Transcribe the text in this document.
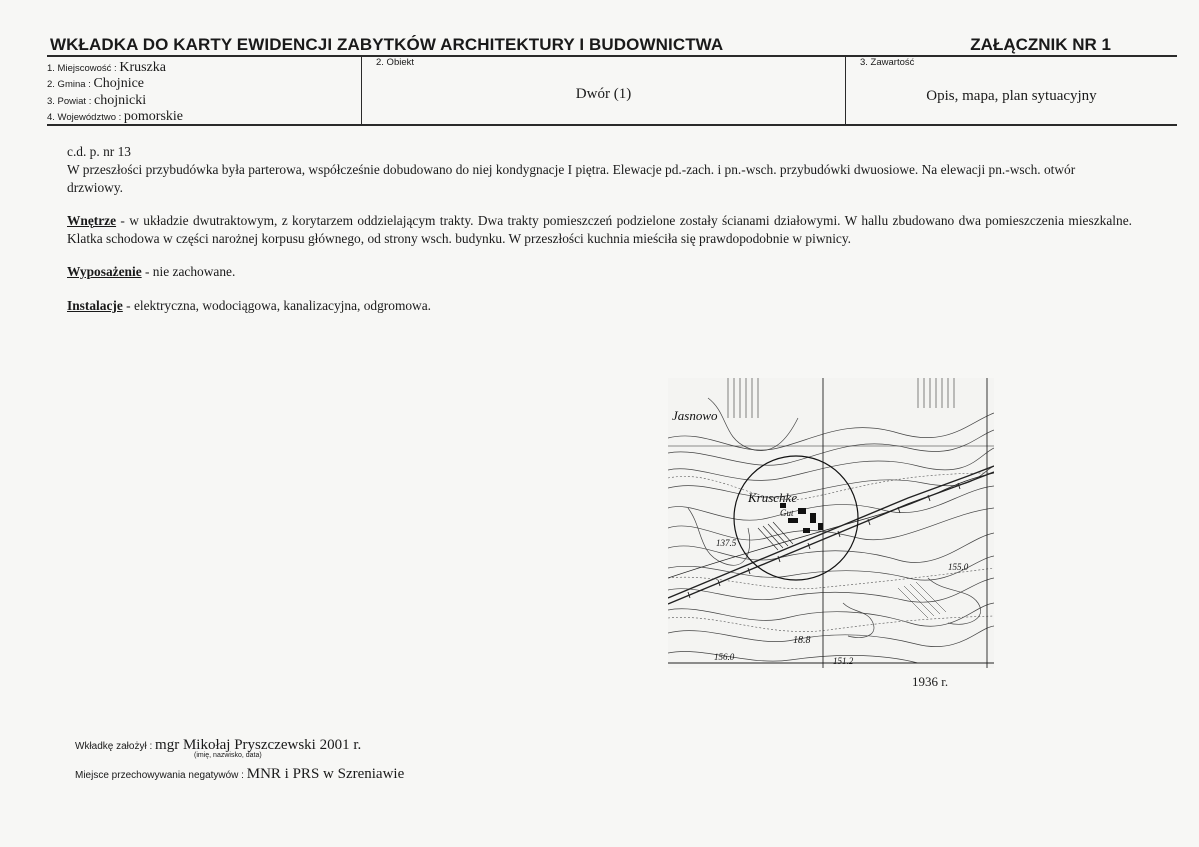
WKŁADKA DO KARTY EWIDENCJI ZABYTKÓW ARCHITEKTURY I BUDOWNICTWA	ZAŁĄCZNIK NR 1
1. Miejscowość : Kruszka
2. Gmina : Chojnice
3. Powiat : chojnicki
4. Województwo : pomorskie
2. Obiekt
Dwór (1)
3. Zawartość
Opis, mapa, plan sytuacyjny
c.d. p. nr 13
W przeszłości przybudówka była parterowa, współcześnie dobudowano do niej kondygnacje I piętra. Elewacje pd.-zach. i pn.-wsch. przybudówki dwuosiowe. Na elewacji pn.-wsch. otwór drzwiowy.
Wnętrze - w układzie dwutraktowym, z korytarzem oddzielającym trakty. Dwa trakty pomieszczeń podzielone zostały ścianami działowymi. W hallu zbudowano dwa pomieszczenia mieszkalne. Klatka schodowa w części narożnej korpusu głównego, od strony wsch. budynku. W przeszłości kuchnia mieściła się prawdopodobnie w piwnicy.
Wyposażenie - nie zachowane.
Instalacje - elektryczna, wodociągowa, kanalizacyjna, odgromowa.
Jasnowo
Kruschke
Gut
137.5
155.0
156.0	151.2
18.8
1936 r.
Wkładkę założył : mgr Mikołaj Pryszczewski 2001 r.
(imię, nazwisko, data)
Miejsce przechowywania negatywów : MNR i PRS w Szreniawie
